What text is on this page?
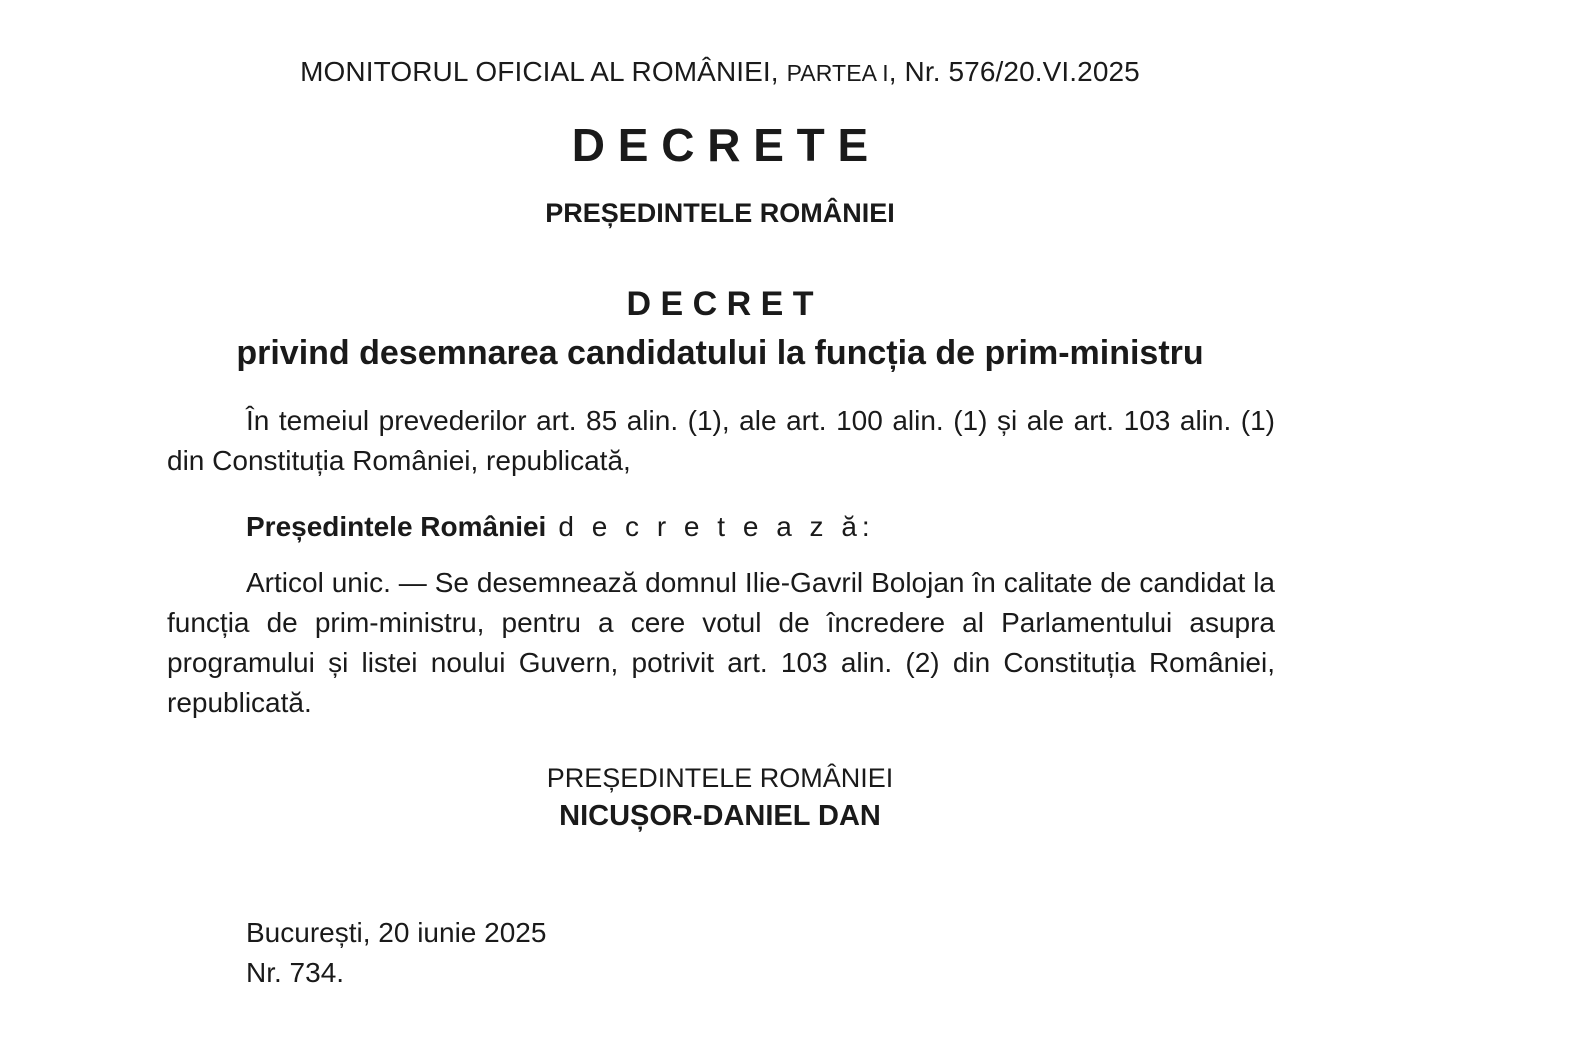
MONITORUL OFICIAL AL ROMÂNIEI, PARTEA I, Nr. 576/20.VI.2025
D E C R E T E
PREȘEDINTELE ROMÂNIEI
D E C R E T
privind desemnarea candidatului la funcția de prim-ministru
În temeiul prevederilor art. 85 alin. (1), ale art. 100 alin. (1) și ale art. 103 alin. (1) din Constituția României, republicată,
Președintele României d e c r e t e a z ă:
Articol unic. — Se desemnează domnul Ilie-Gavril Bolojan în calitate de candidat la funcția de prim-ministru, pentru a cere votul de încredere al Parlamentului asupra programului și listei noului Guvern, potrivit art. 103 alin. (2) din Constituția României, republicată.
PREȘEDINTELE ROMÂNIEI
NICUȘOR-DANIEL DAN
București, 20 iunie 2025
Nr. 734.
